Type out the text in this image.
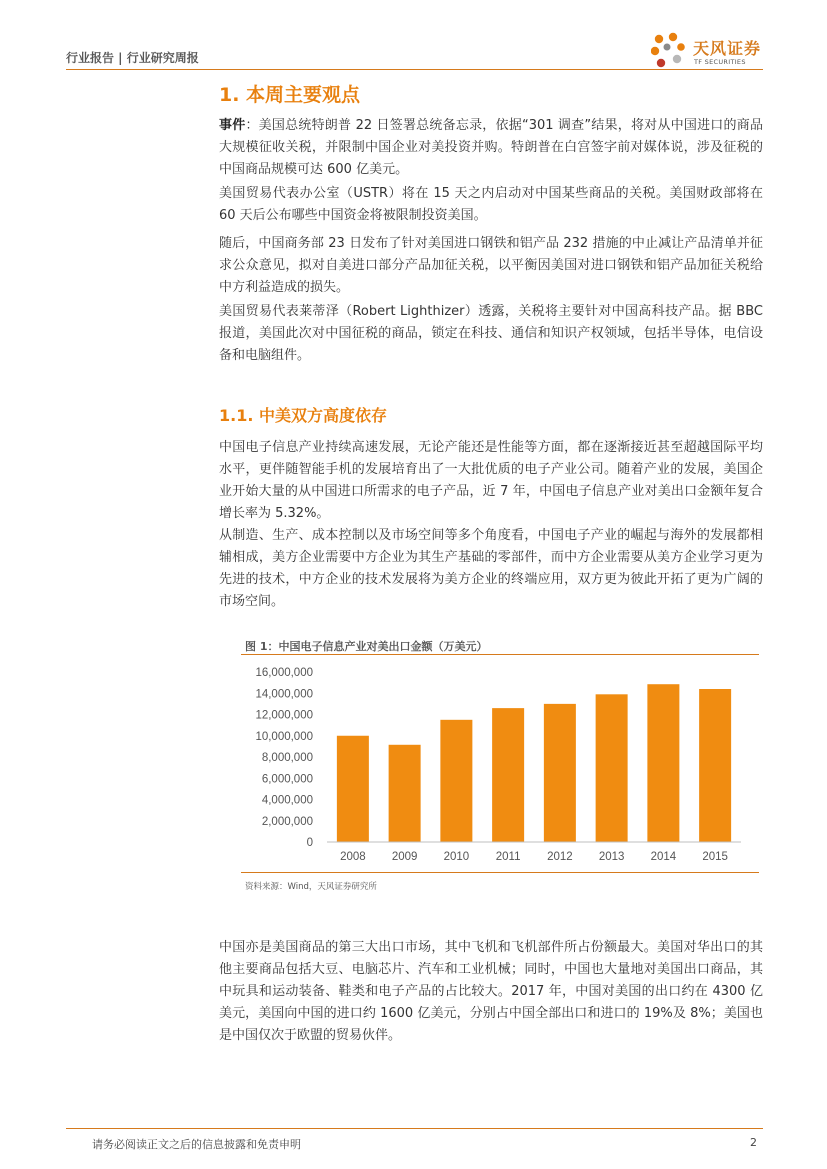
行业报告 | 行业研究周报	天风证券
TF SECURITIES
1. 本周主要观点

事件：美国总统特朗普 22 日签署总统备忘录，依据“301 调查”结果，将对从中国进口的商品大规模征收关税，并限制中国企业对美投资并购。特朗普在白宫签字前对媒体说，涉及征税的中国商品规模可达 600 亿美元。

美国贸易代表办公室（USTR）将在 15 天之内启动对中国某些商品的关税。美国财政部将在 60 天后公布哪些中国资金将被限制投资美国。

随后，中国商务部 23 日发布了针对美国进口钢铁和铝产品 232 措施的中止减让产品清单并征求公众意见，拟对自美进口部分产品加征关税，以平衡因美国对进口钢铁和铝产品加征关税给中方利益造成的损失。

美国贸易代表莱蒂泽（Robert Lighthizer）透露，关税将主要针对中国高科技产品。据 BBC 报道，美国此次对中国征税的商品，锁定在科技、通信和知识产权领域，包括半导体，电信设备和电脑组件。

1.1. 中美双方高度依存

中国电子信息产业持续高速发展，无论产能还是性能等方面，都在逐渐接近甚至超越国际平均水平，更伴随智能手机的发展培育出了一大批优质的电子产业公司。随着产业的发展，美国企业开始大量的从中国进口所需求的电子产品，近 7 年，中国电子信息产业对美出口金额年复合增长率为 5.32%。

从制造、生产、成本控制以及市场空间等多个角度看，中国电子产业的崛起与海外的发展都相辅相成，美方企业需要中方企业为其生产基础的零部件，而中方企业需要从美方企业学习更为先进的技术，中方企业的技术发展将为美方企业的终端应用，双方更为彼此开拓了更为广阔的市场空间。

图 1：中国电子信息产业对美出口金额（万美元）
0
2,000,000
4,000,000
6,000,000
8,000,000
10,000,000
12,000,000
14,000,000
16,000,000
2008 2009 2010 2011 2012 2013 2014 2015
资料来源：Wind，天风证券研究所

中国亦是美国商品的第三大出口市场，其中飞机和飞机部件所占份额最大。美国对华出口的其他主要商品包括大豆、电脑芯片、汽车和工业机械；同时，中国也大量地对美国出口商品，其中玩具和运动装备、鞋类和电子产品的占比较大。2017 年，中国对美国的出口约在 4300 亿美元，美国向中国的进口约 1600 亿美元，分别占中国全部出口和进口的 19%及 8%；美国也是中国仅次于欧盟的贸易伙伴。

请务必阅读正文之后的信息披露和免责申明	2
